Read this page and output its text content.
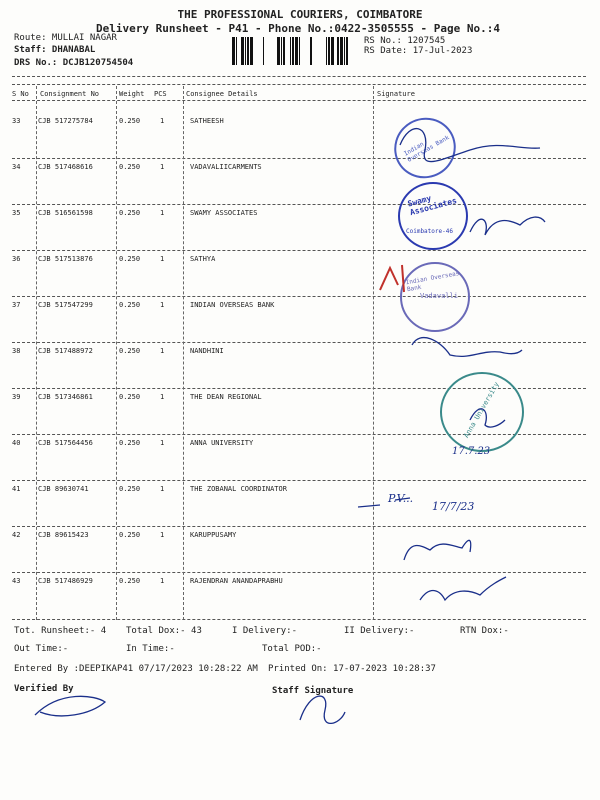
THE PROFESSIONAL COURIERS, COIMBATORE
Delivery Runsheet - P41 - Phone No.:0422-3505555 - Page No.:4
Route: MULLAI NAGAR
Staff: DHANABAL
DRS No.: DCJB120754504
RS No.: 1207545
RS Date: 17-Jul-2023
S No Consignment No	Weight PCS	Consignee Details	Signature
33	CJB 517275784	0.250	1	SATHEESH
34	CJB 517468616	0.250	1	VADAVALIICARMENTS
35	CJB 516561598	0.250	1	SWAMY ASSOCIATES
36	CJB 517513876	0.250	1	SATHYA
37	CJB 517547299	0.250	1	INDIAN OVERSEAS BANK
38	CJB 517488972	0.250	1	NANDHINI
39	CJB 517346861	0.250	1	THE DEAN REGIONAL
40	CJB 517564456	0.250	1	ANNA UNIVERSITY
41	CJB 89630741	0.250	1	THE ZOBANAL COORDINATOR
42	CJB 89615423	0.250	1	KARUPPUSAMY
43	CJB 517486929	0.250	1	RAJENDRAN ANANDAPRABHU
Indian Overseas Bank
Swamy Associates
Coimbatore-46
Indian Overseas Bank
Vadavalli
Anna University
17.7.23
P.V...
17/7/23
Tot. Runsheet:- 4 Total Dox:- 43	I Delivery:-	II Delivery:-	RTN Dox:-
Out Time:-	In Time:-	Total POD:-
Entered By :DEEPIKAP41 07/17/2023 10:28:22 AM Printed On: 17-07-2023 10:28:37
Verified By	Staff Signature
